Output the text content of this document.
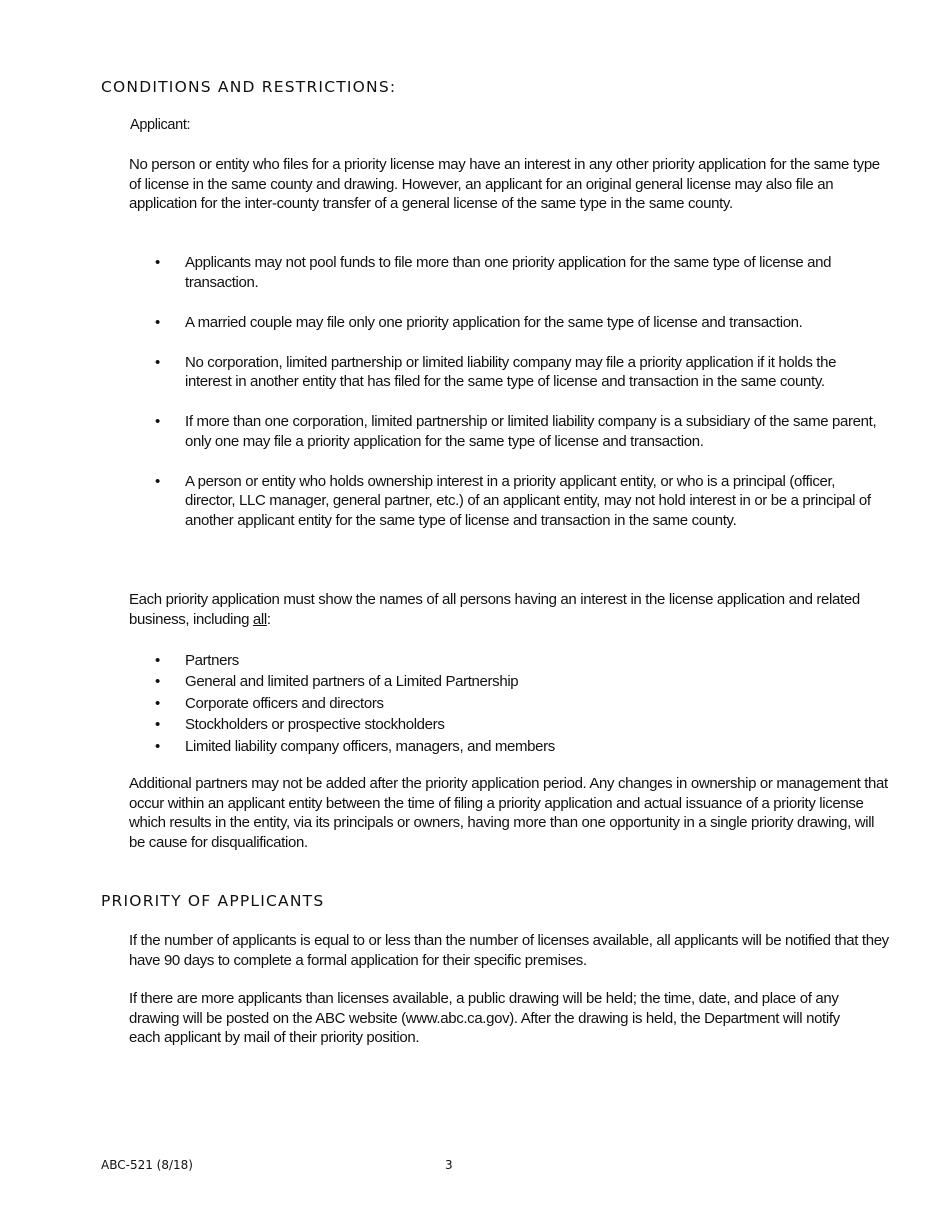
CONDITIONS AND RESTRICTIONS:

Applicant:

No person or entity who files for a priority license may have an interest in any other priority application for the same type of license in the same county and drawing. However, an applicant for an original general license may also file an application for the inter-county transfer of a general license of the same type in the same county.

• Applicants may not pool funds to file more than one priority application for the same type of license and transaction.
• A married couple may file only one priority application for the same type of license and transaction.
• No corporation, limited partnership or limited liability company may file a priority application if it holds the interest in another entity that has filed for the same type of license and transaction in the same county.
• If more than one corporation, limited partnership or limited liability company is a subsidiary of the same parent, only one may file a priority application for the same type of license and transaction.
• A person or entity who holds ownership interest in a priority applicant entity, or who is a principal (officer, director, LLC manager, general partner, etc.) of an applicant entity, may not hold interest in or be a principal of another applicant entity for the same type of license and transaction in the same county.

Each priority application must show the names of all persons having an interest in the license application and related business, including all:

• Partners
• General and limited partners of a Limited Partnership
• Corporate officers and directors
• Stockholders or prospective stockholders
• Limited liability company officers, managers, and members

Additional partners may not be added after the priority application period. Any changes in ownership or management that occur within an applicant entity between the time of filing a priority application and actual issuance of a priority license which results in the entity, via its principals or owners, having more than one opportunity in a single priority drawing, will be cause for disqualification.

PRIORITY OF APPLICANTS

If the number of applicants is equal to or less than the number of licenses available, all applicants will be notified that they have 90 days to complete a formal application for their specific premises.

If there are more applicants than licenses available, a public drawing will be held; the time, date, and place of any drawing will be posted on the ABC website (www.abc.ca.gov). After the drawing is held, the Department will notify each applicant by mail of their priority position.

ABC-521 (8/18)	3
